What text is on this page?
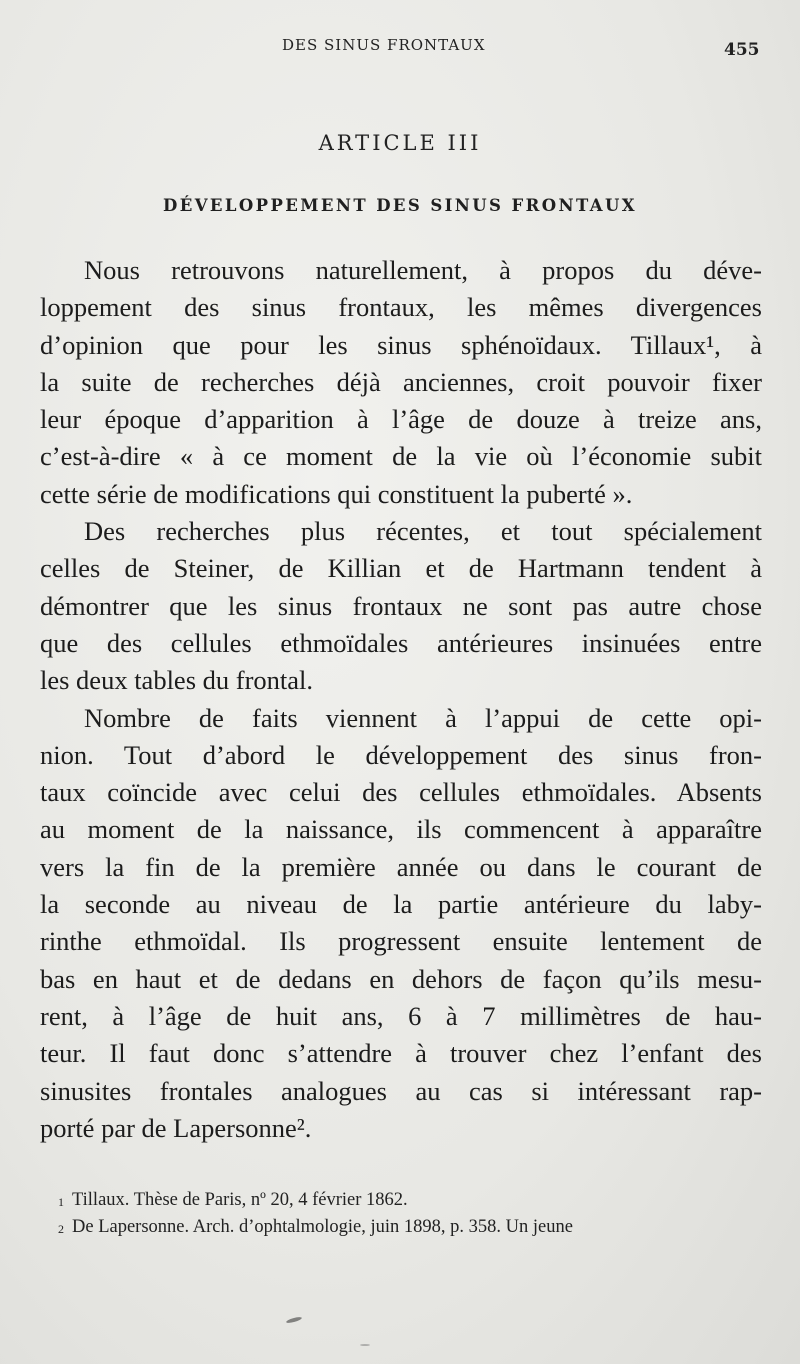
DES SINUS FRONTAUX	455
ARTICLE III
DÉVELOPPEMENT DES SINUS FRONTAUX
Nous retrouvons naturellement, à propos du déve-
loppement des sinus frontaux, les mêmes divergences
d’opinion que pour les sinus sphénoïdaux. Tillaux¹, à
la suite de recherches déjà anciennes, croit pouvoir fixer
leur époque d’apparition à l’âge de douze à treize ans,
c’est-à-dire « à ce moment de la vie où l’économie subit
cette série de modifications qui constituent la puberté ».
Des recherches plus récentes, et tout spécialement
celles de Steiner, de Killian et de Hartmann tendent à
démontrer que les sinus frontaux ne sont pas autre chose
que des cellules ethmoïdales antérieures insinuées entre
les deux tables du frontal.
Nombre de faits viennent à l’appui de cette opi-
nion. Tout d’abord le développement des sinus fron-
taux coïncide avec celui des cellules ethmoïdales. Absents
au moment de la naissance, ils commencent à apparaître
vers la fin de la première année ou dans le courant de
la seconde au niveau de la partie antérieure du laby-
rinthe ethmoïdal. Ils progressent ensuite lentement de
bas en haut et de dedans en dehors de façon qu’ils mesu-
rent, à l’âge de huit ans, 6 à 7 millimètres de hau-
teur. Il faut donc s’attendre à trouver chez l’enfant des
sinusites frontales analogues au cas si intéressant rap-
porté par de Lapersonne².
1 Tillaux. Thèse de Paris, nº 20, 4 février 1862.
2 De Lapersonne. Arch. d’ophtalmologie, juin 1898, p. 358. Un jeune
